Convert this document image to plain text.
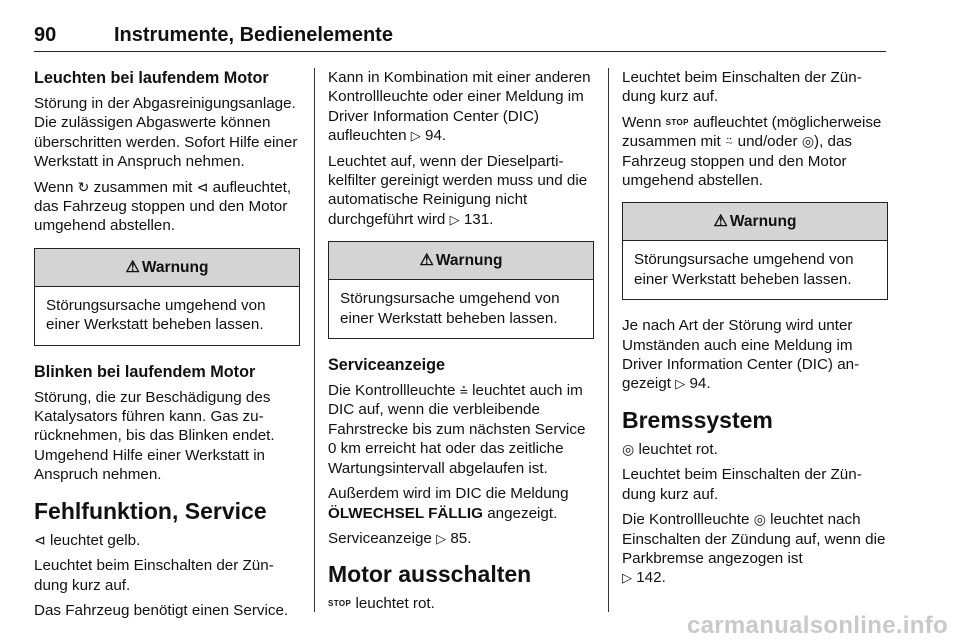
90	Instrumente, Bedienelemente
Leuchten bei laufendem Motor

Störung in der Abgasreinigungsanlage. Die zulässigen Abgaswerte können überschritten werden. Sofort Hilfe einer Werkstatt in Anspruch nehmen.

Wenn ↻ zusammen mit ⊲ aufleuchtet, das Fahrzeug stoppen und den Motor umgehend abstellen.

⚠ Warnung
Störungsursache umgehend von einer Werkstatt beheben lassen.
Blinken bei laufendem Motor

Störung, die zur Beschädigung des Katalysators führen kann. Gas zurücknehmen, bis das Blinken endet. Umgehend Hilfe einer Werkstatt in Anspruch nehmen.

Fehlfunktion, Service

⊲ leuchtet gelb.

Leuchtet beim Einschalten der Zündung kurz auf.

Das Fahrzeug benötigt einen Service.

Kann in Kombination mit einer anderen Kontrollleuchte oder einer Meldung im Driver Information Center (DIC) aufleuchten ▷ 94.

Leuchtet auf, wenn der Dieselpartikelfilter gereinigt werden muss und die automatische Reinigung nicht durchgeführt wird ▷ 131.

⚠ Warnung
Störungsursache umgehend von einer Werkstatt beheben lassen.
Serviceanzeige

Die Kontrollleuchte ⩮ leuchtet auch im DIC auf, wenn die verbleibende Fahrstrecke bis zum nächsten Service 0 km erreicht hat oder das zeitliche Wartungsintervall abgelaufen ist.

Außerdem wird im DIC die Meldung ÖLWECHSEL FÄLLIG angezeigt.

Serviceanzeige ▷ 85.

Motor ausschalten

STOP leuchtet rot.

Leuchtet beim Einschalten der Zündung kurz auf.

Wenn STOP aufleuchtet (möglicherweise zusammen mit ⍨ und/oder ◎), das Fahrzeug stoppen und den Motor umgehend abstellen.

⚠ Warnung
Störungsursache umgehend von einer Werkstatt beheben lassen.

Je nach Art der Störung wird unter Umständen auch eine Meldung im Driver Information Center (DIC) angezeigt ▷ 94.

Bremssystem

◎ leuchtet rot.

Leuchtet beim Einschalten der Zündung kurz auf.

Die Kontrollleuchte ◎ leuchtet nach Einschalten der Zündung auf, wenn die Parkbremse angezogen ist
▷ 142.

carmanualsonline.info
